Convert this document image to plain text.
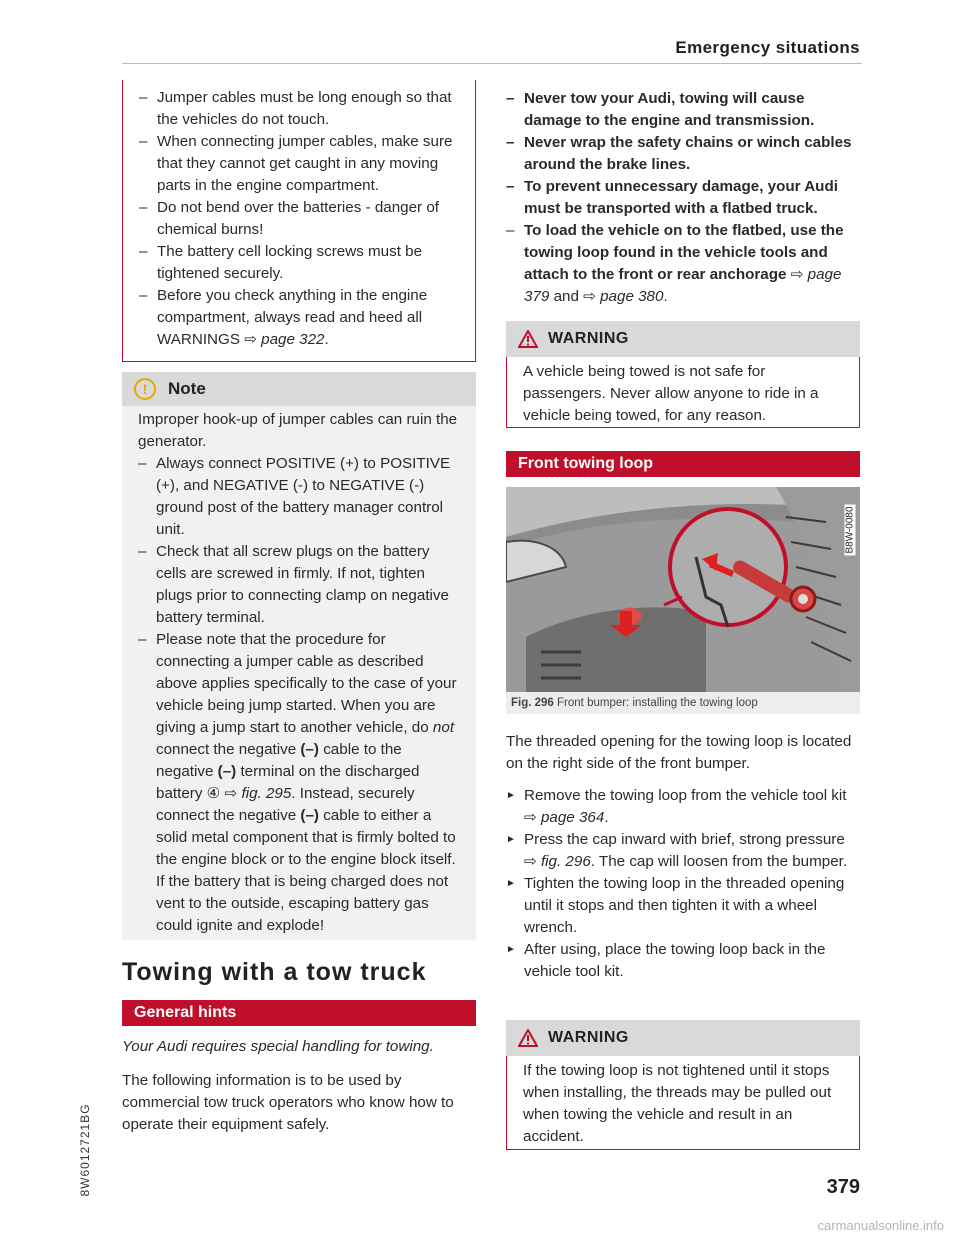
Emergency situations

– Jumper cables must be long enough so that the vehicles do not touch.

– When connecting jumper cables, make sure that they cannot get caught in any moving parts in the engine compartment.

– Do not bend over the batteries - danger of chemical burns!

– The battery cell locking screws must be tightened securely.

– Before you check anything in the engine compartment, always read and heed all WARNINGS ⇨ page 322.

!	Note

Improper hook-up of jumper cables can ruin the generator.

– Always connect POSITIVE (+) to POSITIVE (+), and NEGATIVE (-) to NEGATIVE (-) ground post of the battery manager control unit.

– Check that all screw plugs on the battery cells are screwed in firmly. If not, tighten plugs prior to connecting clamp on negative battery terminal.

– Please note that the procedure for connecting a jumper cable as described above applies specifically to the case of your vehicle being jump started. When you are giving a jump start to another vehicle, do not connect the negative (–) cable to the negative (–) terminal on the discharged battery ④ ⇨ fig. 295. Instead, securely connect the negative (–) cable to either a solid metal component that is firmly bolted to the engine block or to the engine block itself. If the battery that is being charged does not vent to the outside, escaping battery gas could ignite and explode!

Towing with a tow truck
General hints

Your Audi requires special handling for towing.

The following information is to be used by commercial tow truck operators who know how to operate their equipment safely.

– Never tow your Audi, towing will cause damage to the engine and transmission.

– Never wrap the safety chains or winch cables around the brake lines.

– To prevent unnecessary damage, your Audi must be transported with a flatbed truck.

– To load the vehicle on to the flatbed, use the towing loop found in the vehicle tools and attach to the front or rear anchorage ⇨ page 379 and ⇨ page 380.

WARNING

A vehicle being towed is not safe for passengers. Never allow anyone to ride in a vehicle being towed, for any reason.

Front towing loop
B8W-0080
Fig. 296 Front bumper: installing the towing loop

The threaded opening for the towing loop is located on the right side of the front bumper.

► Remove the towing loop from the vehicle tool kit ⇨ page 364.

► Press the cap inward with brief, strong pressure ⇨ fig. 296. The cap will loosen from the bumper.

► Tighten the towing loop in the threaded opening until it stops and then tighten it with a wheel wrench.

► After using, place the towing loop back in the vehicle tool kit.

WARNING

If the towing loop is not tightened until it stops when installing, the threads may be pulled out when towing the vehicle and result in an accident.

8W6012721BG	379
carmanualsonline.info
